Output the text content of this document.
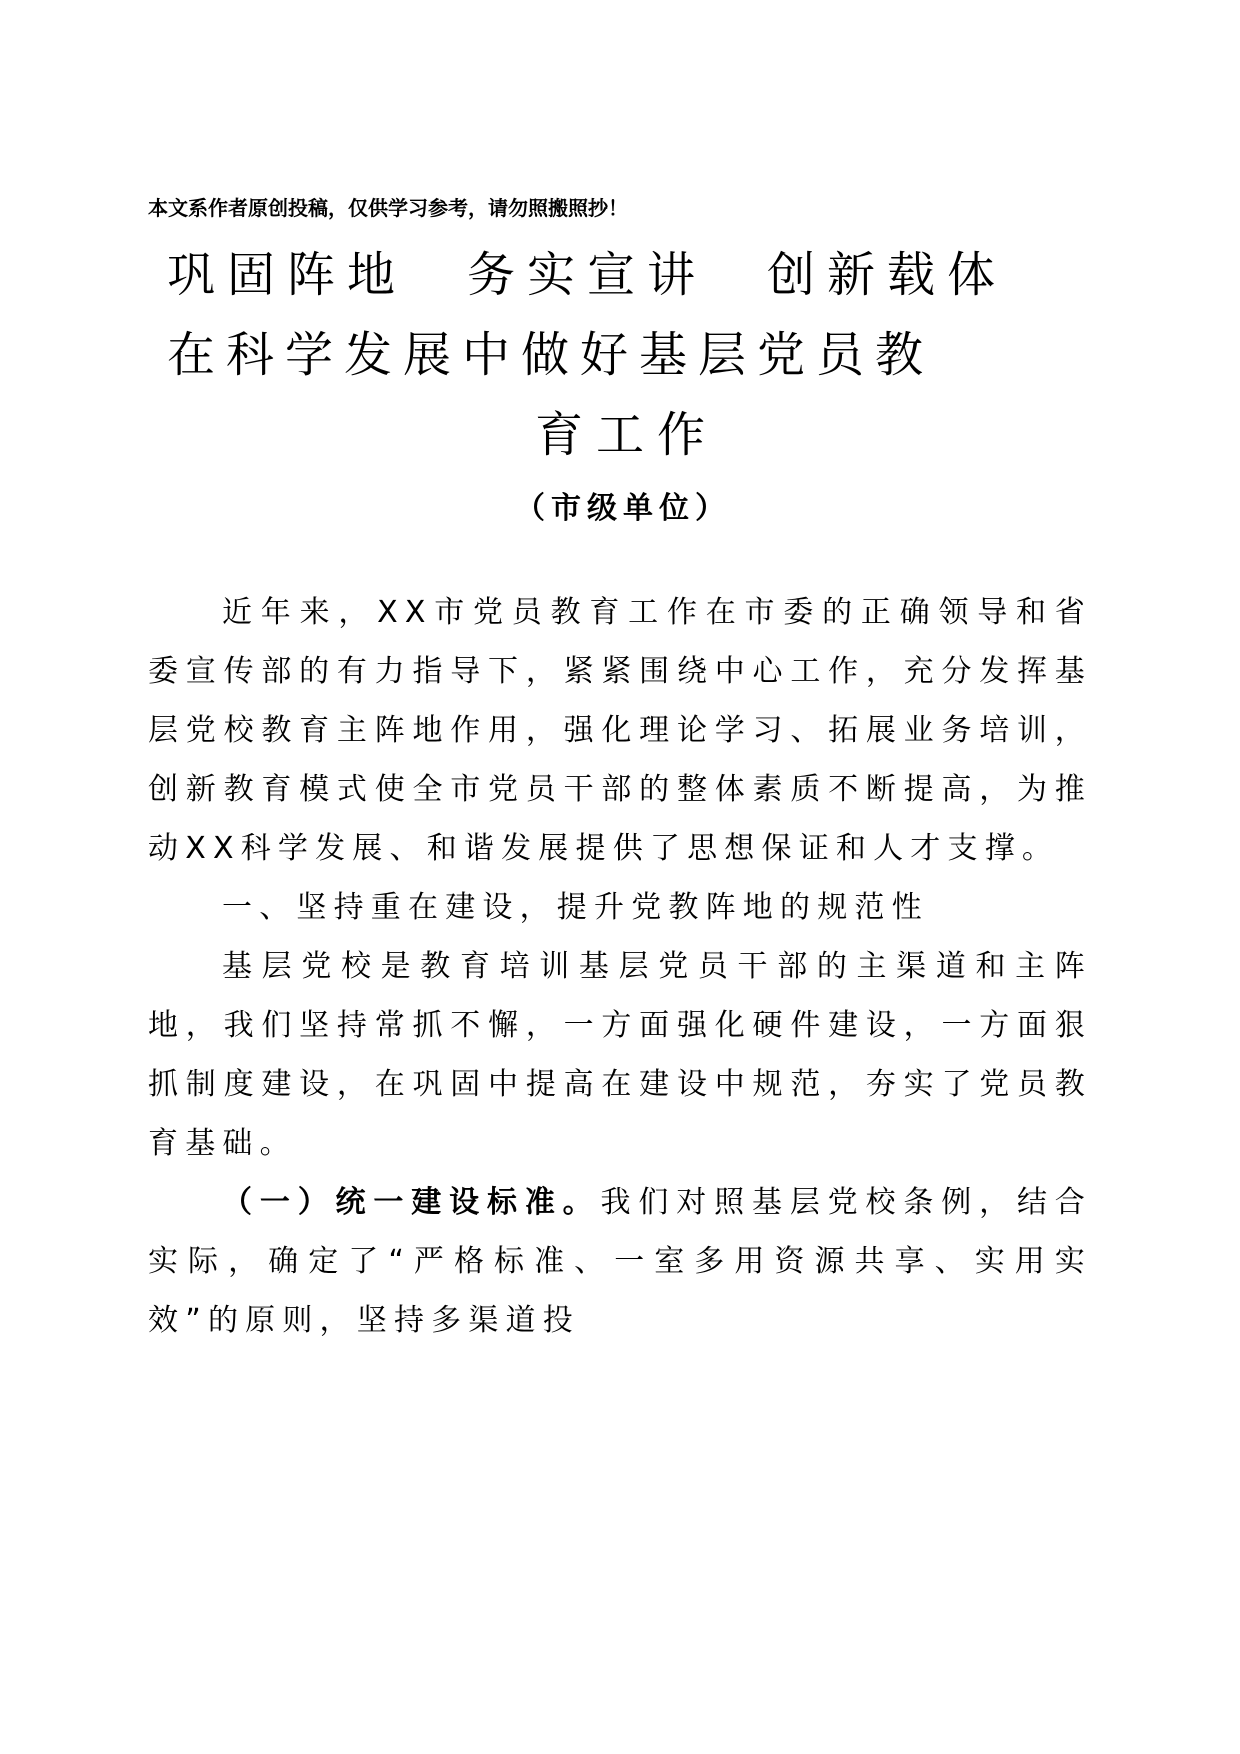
本文系作者原创投稿，仅供学习参考，请勿照搬照抄！
巩固阵地　务实宣讲　创新载体
在科学发展中做好基层党员教
育工作
（市级单位）

近年来，XX市党员教育工作在市委的正确领导和省委宣传部的有力指导下，紧紧围绕中心工作，充分发挥基层党校教育主阵地作用，强化理论学习、拓展业务培训，创新教育模式使全市党员干部的整体素质不断提高，为推动XX科学发展、和谐发展提供了思想保证和人才支撑。

一、坚持重在建设，提升党教阵地的规范性

基层党校是教育培训基层党员干部的主渠道和主阵地，我们坚持常抓不懈，一方面强化硬件建设，一方面狠抓制度建设，在巩固中提高在建设中规范，夯实了党员教育基础。

（一）统一建设标准。我们对照基层党校条例，结合实际，确定了“严格标准、一室多用资源共享、实用实效”的原则，坚持多渠道投
